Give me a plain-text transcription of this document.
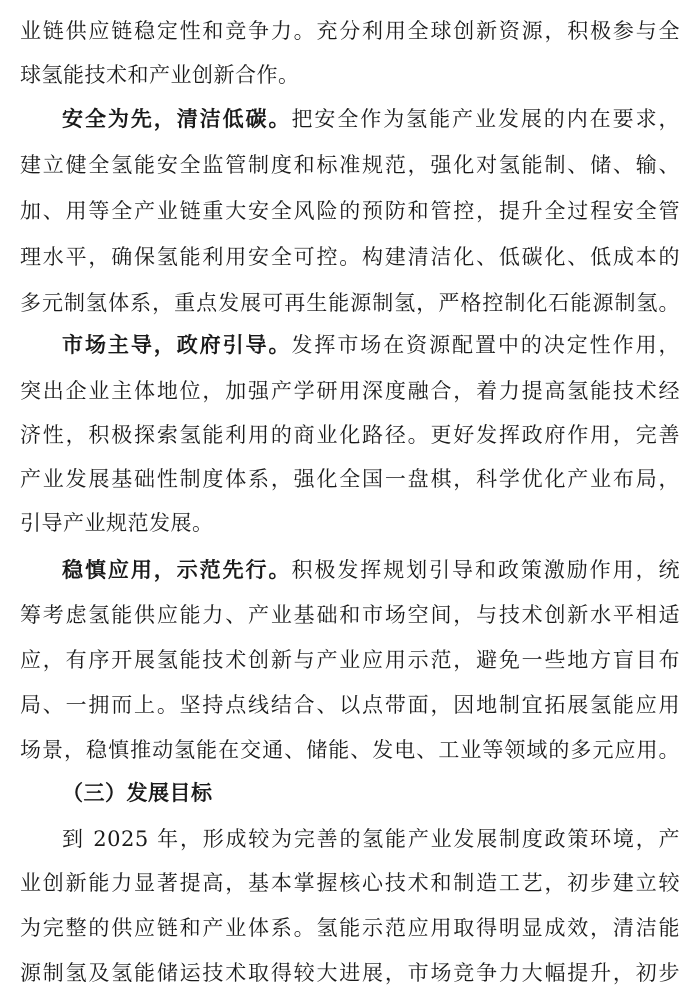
业链供应链稳定性和竞争力。充分利用全球创新资源，积极参与全
球氢能技术和产业创新合作。
安全为先，清洁低碳。把安全作为氢能产业发展的内在要求，
建立健全氢能安全监管制度和标准规范，强化对氢能制、储、输、
加、用等全产业链重大安全风险的预防和管控，提升全过程安全管
理水平，确保氢能利用安全可控。构建清洁化、低碳化、低成本的
多元制氢体系，重点发展可再生能源制氢，严格控制化石能源制氢。
市场主导，政府引导。发挥市场在资源配置中的决定性作用，
突出企业主体地位，加强产学研用深度融合，着力提高氢能技术经
济性，积极探索氢能利用的商业化路径。更好发挥政府作用，完善
产业发展基础性制度体系，强化全国一盘棋，科学优化产业布局，
引导产业规范发展。
稳慎应用，示范先行。积极发挥规划引导和政策激励作用，统
筹考虑氢能供应能力、产业基础和市场空间，与技术创新水平相适
应，有序开展氢能技术创新与产业应用示范，避免一些地方盲目布
局、一拥而上。坚持点线结合、以点带面，因地制宜拓展氢能应用
场景，稳慎推动氢能在交通、储能、发电、工业等领域的多元应用。
（三）发展目标
到 2025 年，形成较为完善的氢能产业发展制度政策环境，产
业创新能力显著提高，基本掌握核心技术和制造工艺，初步建立较
为完整的供应链和产业体系。氢能示范应用取得明显成效，清洁能
源制氢及氢能储运技术取得较大进展，市场竞争力大幅提升，初步
